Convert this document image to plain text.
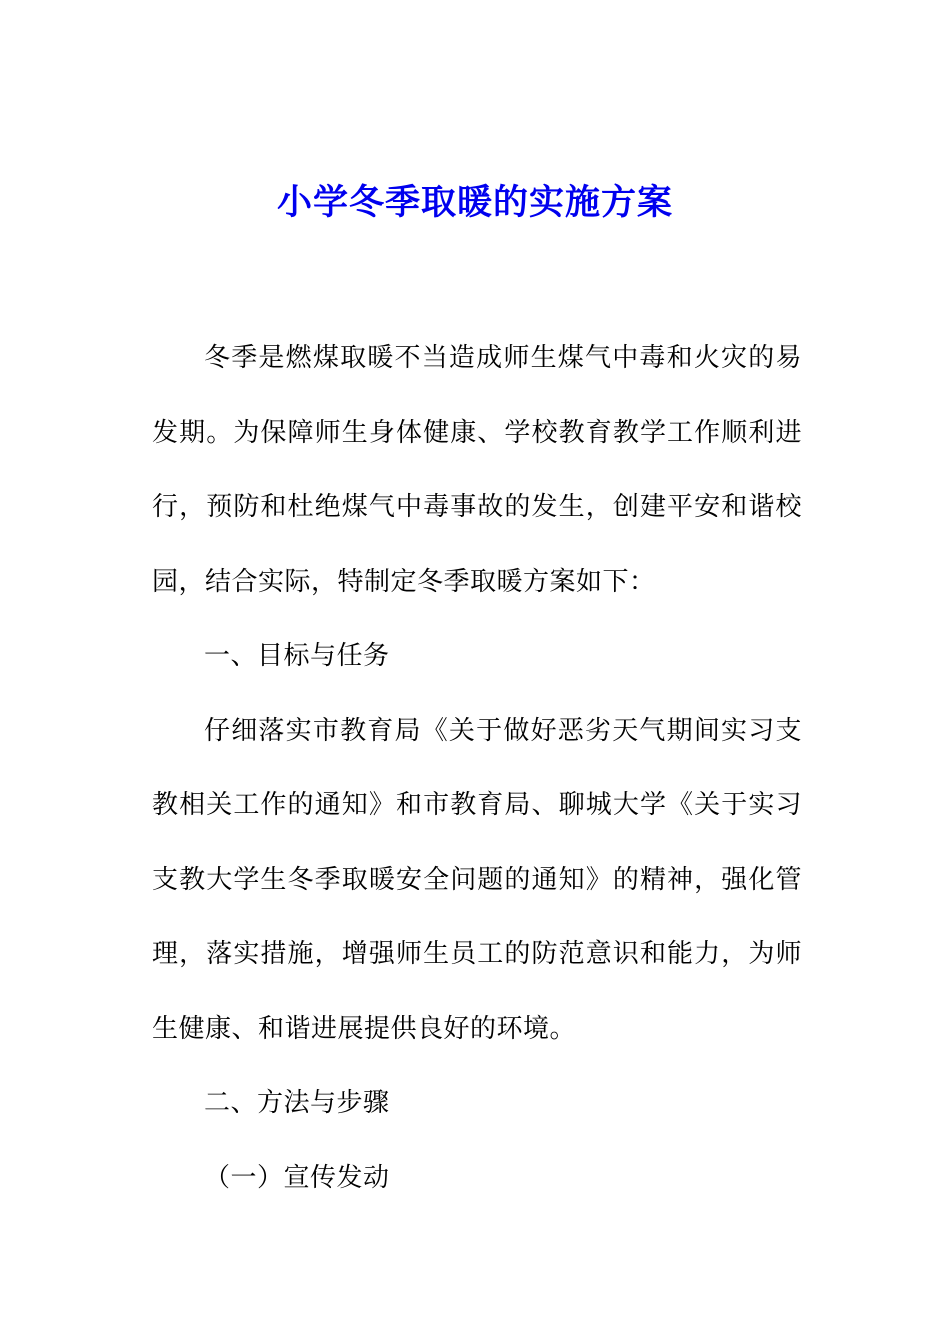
小学冬季取暖的实施方案

冬季是燃煤取暖不当造成师生煤气中毒和火灾的易发期。为保障师生身体健康、学校教育教学工作顺利进行，预防和杜绝煤气中毒事故的发生，创建平安和谐校园，结合实际，特制定冬季取暖方案如下：

一、目标与任务

仔细落实市教育局《关于做好恶劣天气期间实习支教相关工作的通知》和市教育局、聊城大学《关于实习支教大学生冬季取暖安全问题的通知》的精神，强化管理，落实措施，增强师生员工的防范意识和能力，为师生健康、和谐进展提供良好的环境。

二、方法与步骤

（一）宣传发动
